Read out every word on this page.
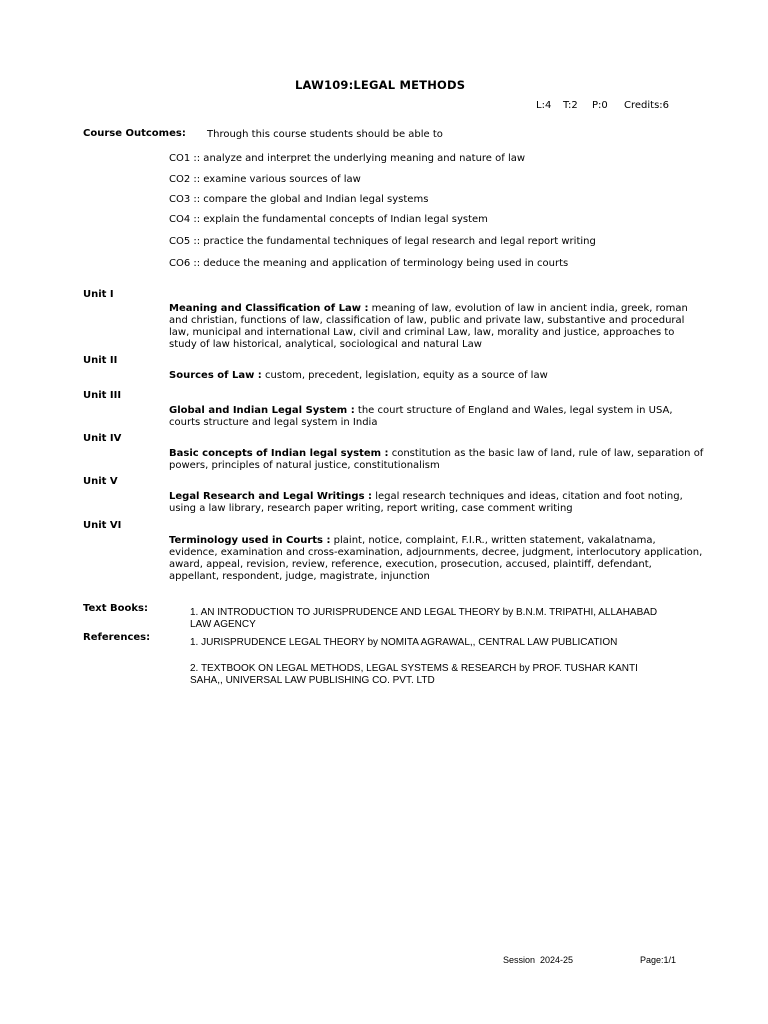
LAW109:LEGAL METHODS
L:4 T:2 P:0 Credits:6
Course Outcomes: Through this course students should be able to
CO1 :: analyze and interpret the underlying meaning and nature of law
CO2 :: examine various sources of law
CO3 :: compare the global and Indian legal systems
CO4 :: explain the fundamental concepts of Indian legal system
CO5 :: practice the fundamental techniques of legal research and legal report writing
CO6 :: deduce the meaning and application of terminology being used in courts
Unit I
Meaning and Classification of Law : meaning of law, evolution of law in ancient india, greek, roman and christian, functions of law, classification of law, public and private law, substantive and procedural law, municipal and international Law, civil and criminal Law, law, morality and justice, approaches to study of law historical, analytical, sociological and natural Law
Unit II
Sources of Law : custom, precedent, legislation, equity as a source of law
Unit III
Global and Indian Legal System : the court structure of England and Wales, legal system in USA, courts structure and legal system in India
Unit IV
Basic concepts of Indian legal system : constitution as the basic law of land, rule of law, separation of powers, principles of natural justice, constitutionalism
Unit V
Legal Research and Legal Writings : legal research techniques and ideas, citation and foot noting, using a law library, research paper writing, report writing, case comment writing
Unit VI
Terminology used in Courts : plaint, notice, complaint, F.I.R., written statement, vakalatnama, evidence, examination and cross-examination, adjournments, decree, judgment, interlocutory application, award, appeal, revision, review, reference, execution, prosecution, accused, plaintiff, defendant, appellant, respondent, judge, magistrate, injunction
Text Books:	1. AN INTRODUCTION TO JURISPRUDENCE AND LEGAL THEORY by B.N.M. TRIPATHI, ALLAHABAD LAW AGENCY
References:	1. JURISPRUDENCE LEGAL THEORY by NOMITA AGRAWAL,, CENTRAL LAW PUBLICATION
2. TEXTBOOK ON LEGAL METHODS, LEGAL SYSTEMS & RESEARCH by PROF. TUSHAR KANTI SAHA,, UNIVERSAL LAW PUBLISHING CO. PVT. LTD
Session  2024-25	Page:1/1
